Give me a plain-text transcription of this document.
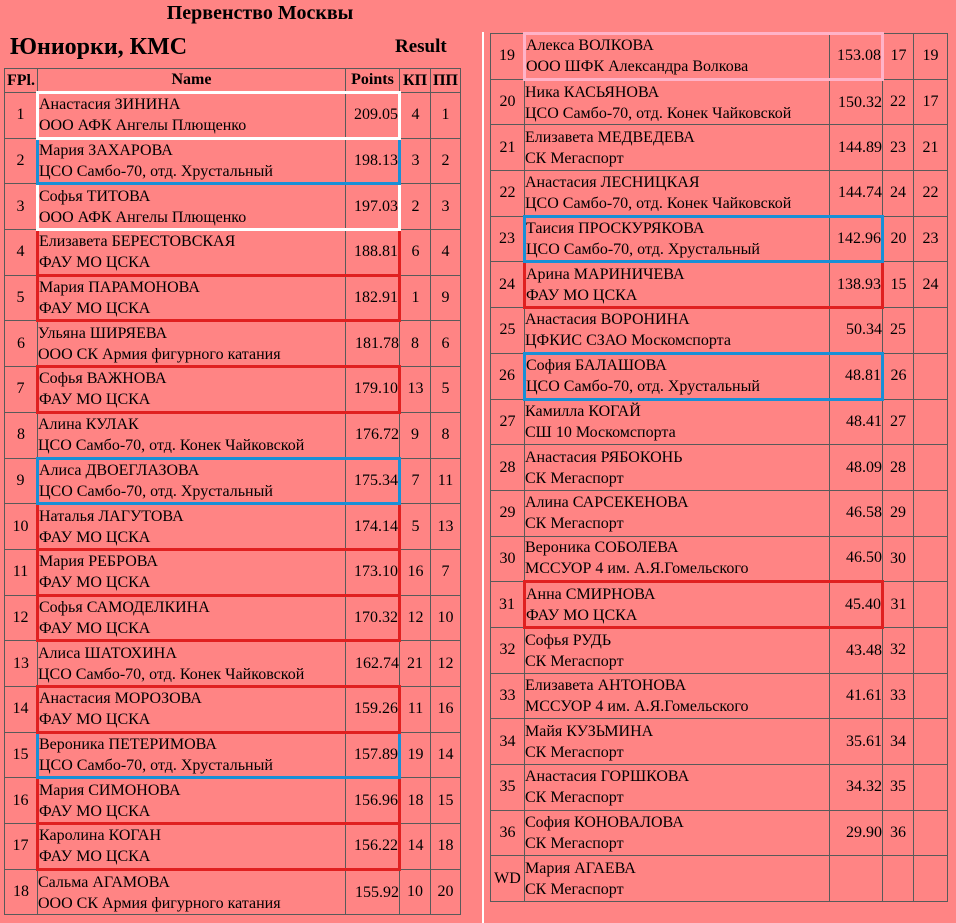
Первенство Москвы
Юниорки, КМС	Result
FPl.	Name	Points	КП	ПП
1	Анастасия ЗИНИНА
ООО АФК Ангелы Плющенко	209.05	4	1
2	Мария ЗАХАРОВА
ЦСО Самбо-70, отд. Хрустальный	198.13	3	2
3	Софья ТИТОВА
ООО АФК Ангелы Плющенко	197.03	2	3
4	Елизавета БЕРЕСТОВСКАЯ
ФАУ МО ЦСКА	188.81	6	4
5	Мария ПАРАМОНОВА
ФАУ МО ЦСКА	182.91	1	9
6	Ульяна ШИРЯЕВА
ООО СК Армия фигурного катания	181.78	8	6
7	Софья ВАЖНОВА
ФАУ МО ЦСКА	179.10	13	5
8	Алина КУЛАК
ЦСО Самбо-70, отд. Конек Чайковской	176.72	9	8
9	Алиса ДВОЕГЛАЗОВА
ЦСО Самбо-70, отд. Хрустальный	175.34	7	11
10	Наталья ЛАГУТОВА
ФАУ МО ЦСКА	174.14	5	13
11	Мария РЕБРОВА
ФАУ МО ЦСКА	173.10	16	7
12	Софья САМОДЕЛКИНА
ФАУ МО ЦСКА	170.32	12	10
13	Алиса ШАТОХИНА
ЦСО Самбо-70, отд. Конек Чайковской	162.74	21	12
14	Анастасия МОРОЗОВА
ФАУ МО ЦСКА	159.26	11	16
15	Вероника ПЕТЕРИМОВА
ЦСО Самбо-70, отд. Хрустальный	157.89	19	14
16	Мария СИМОНОВА
ФАУ МО ЦСКА	156.96	18	15
17	Каролина КОГАН
ФАУ МО ЦСКА	156.22	14	18
18	Сальма АГАМОВА
ООО СК Армия фигурного катания	155.92	10	20
19	Алекса ВОЛКОВА
ООО ШФК Александра Волкова	153.08	17	19
20	Ника КАСЬЯНОВА
ЦСО Самбо-70, отд. Конек Чайковской	150.32	22	17
21	Елизавета МЕДВЕДЕВА
СК Мегаспорт	144.89	23	21
22	Анастасия ЛЕСНИЦКАЯ
ЦСО Самбо-70, отд. Конек Чайковской	144.74	24	22
23	Таисия ПРОСКУРЯКОВА
ЦСО Самбо-70, отд. Хрустальный	142.96	20	23
24	Арина МАРИНИЧЕВА
ФАУ МО ЦСКА	138.93	15	24
25	Анастасия ВОРОНИНА
ЦФКИС СЗАО Москомспорта	50.34	25	
26	София БАЛАШОВА
ЦСО Самбо-70, отд. Хрустальный	48.81	26	
27	Камилла КОГАЙ
СШ 10 Москомспорта	48.41	27	
28	Анастасия РЯБОКОНЬ
СК Мегаспорт	48.09	28	
29	Алина САРСЕКЕНОВА
СК Мегаспорт	46.58	29	
30	Вероника СОБОЛЕВА
МССУОР 4 им. А.Я.Гомельского	46.50	30	
31	Анна СМИРНОВА
ФАУ МО ЦСКА	45.40	31	
32	Софья РУДЬ
СК Мегаспорт	43.48	32	
33	Елизавета АНТОНОВА
МССУОР 4 им. А.Я.Гомельского	41.61	33	
34	Майя КУЗЬМИНА
СК Мегаспорт	35.61	34	
35	Анастасия ГОРШКОВА
СК Мегаспорт	34.32	35	
36	София КОНОВАЛОВА
СК Мегаспорт	29.90	36	
WD	Мария АГАЕВА
СК Мегаспорт			
